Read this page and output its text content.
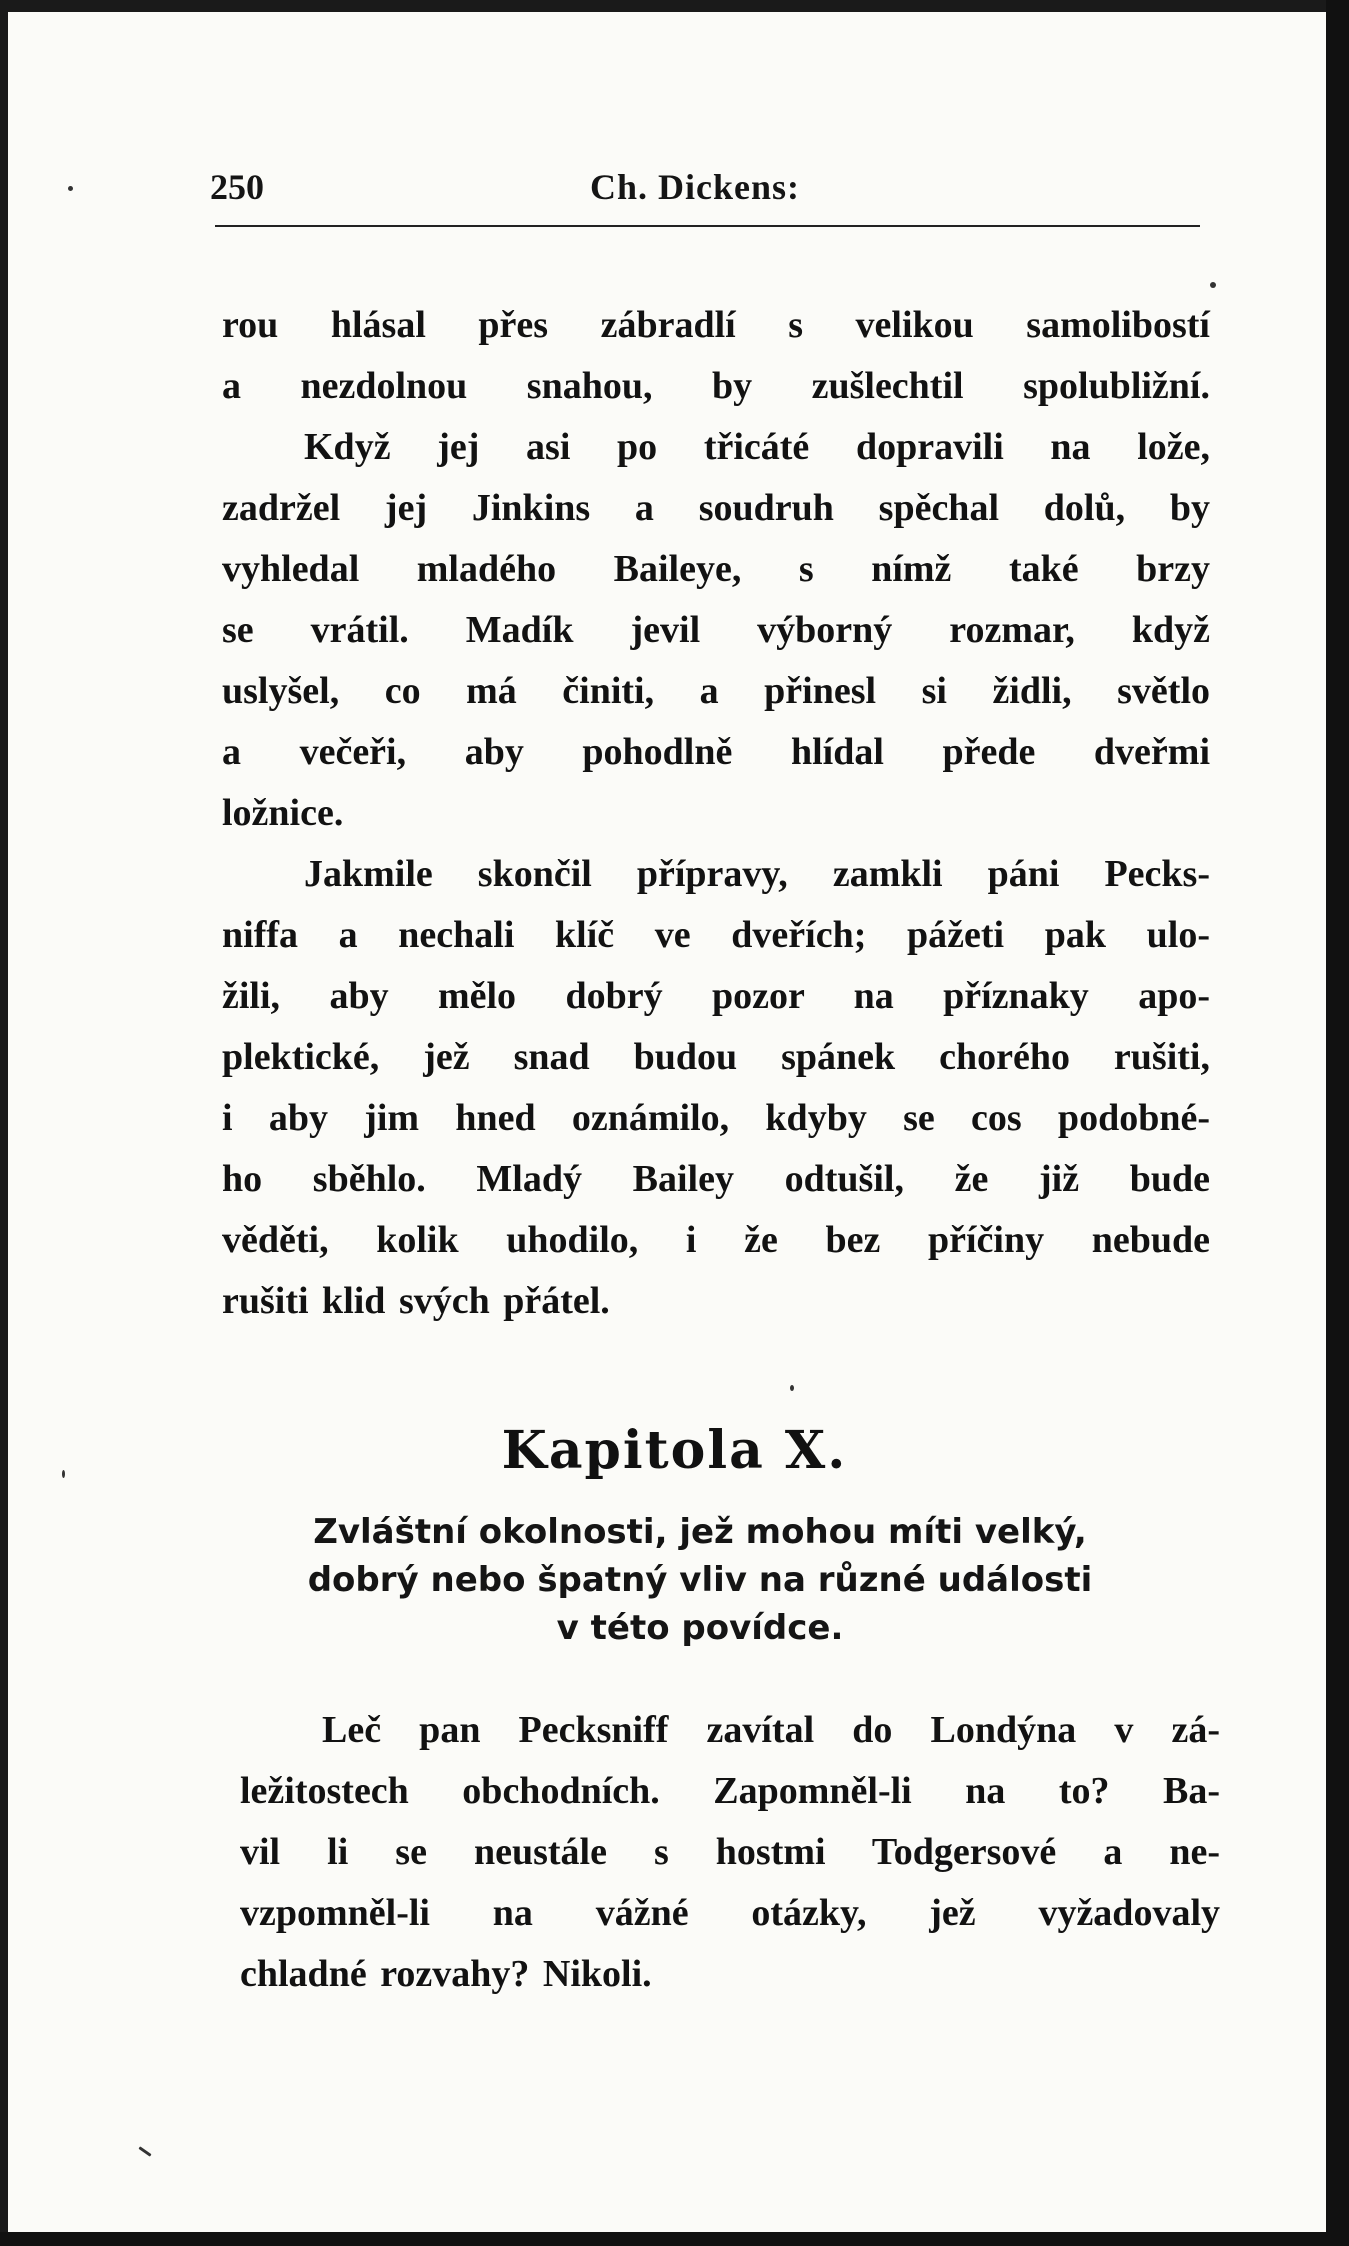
250	Ch. Dickens:
rou hlásal přes zábradlí s velikou samolibostí
a nezdolnou snahou, by zušlechtil spolubližní.
Když jej asi po třicáté dopravili na lože,
zadržel jej Jinkins a soudruh spěchal dolů, by
vyhledal mladého Baileye, s nímž také brzy
se vrátil. Madík jevil výborný rozmar, když
uslyšel, co má činiti, a přinesl si židli, světlo
a večeři, aby pohodlně hlídal přede dveřmi
ložnice.
Jakmile skončil přípravy, zamkli páni Pecks-
niffa a nechali klíč ve dveřích; pážeti pak ulo-
žili, aby mělo dobrý pozor na příznaky apo-
plektické, jež snad budou spánek chorého rušiti,
i aby jim hned oznámilo, kdyby se cos podobné-
ho sběhlo. Mladý Bailey odtušil, že již bude
věděti, kolik uhodilo, i že bez příčiny nebude
rušiti klid svých přátel.
Kapitola X.
Zvláštní okolnosti, jež mohou míti velký,
dobrý nebo špatný vliv na různé události
v této povídce.
Leč pan Pecksniff zavítal do Londýna v zá-
ležitostech obchodních. Zapomněl-li na to? Ba-
vil li se neustále s hostmi Todgersové a ne-
vzpomněl-li na vážné otázky, jež vyžadovaly
chladné rozvahy? Nikoli.
